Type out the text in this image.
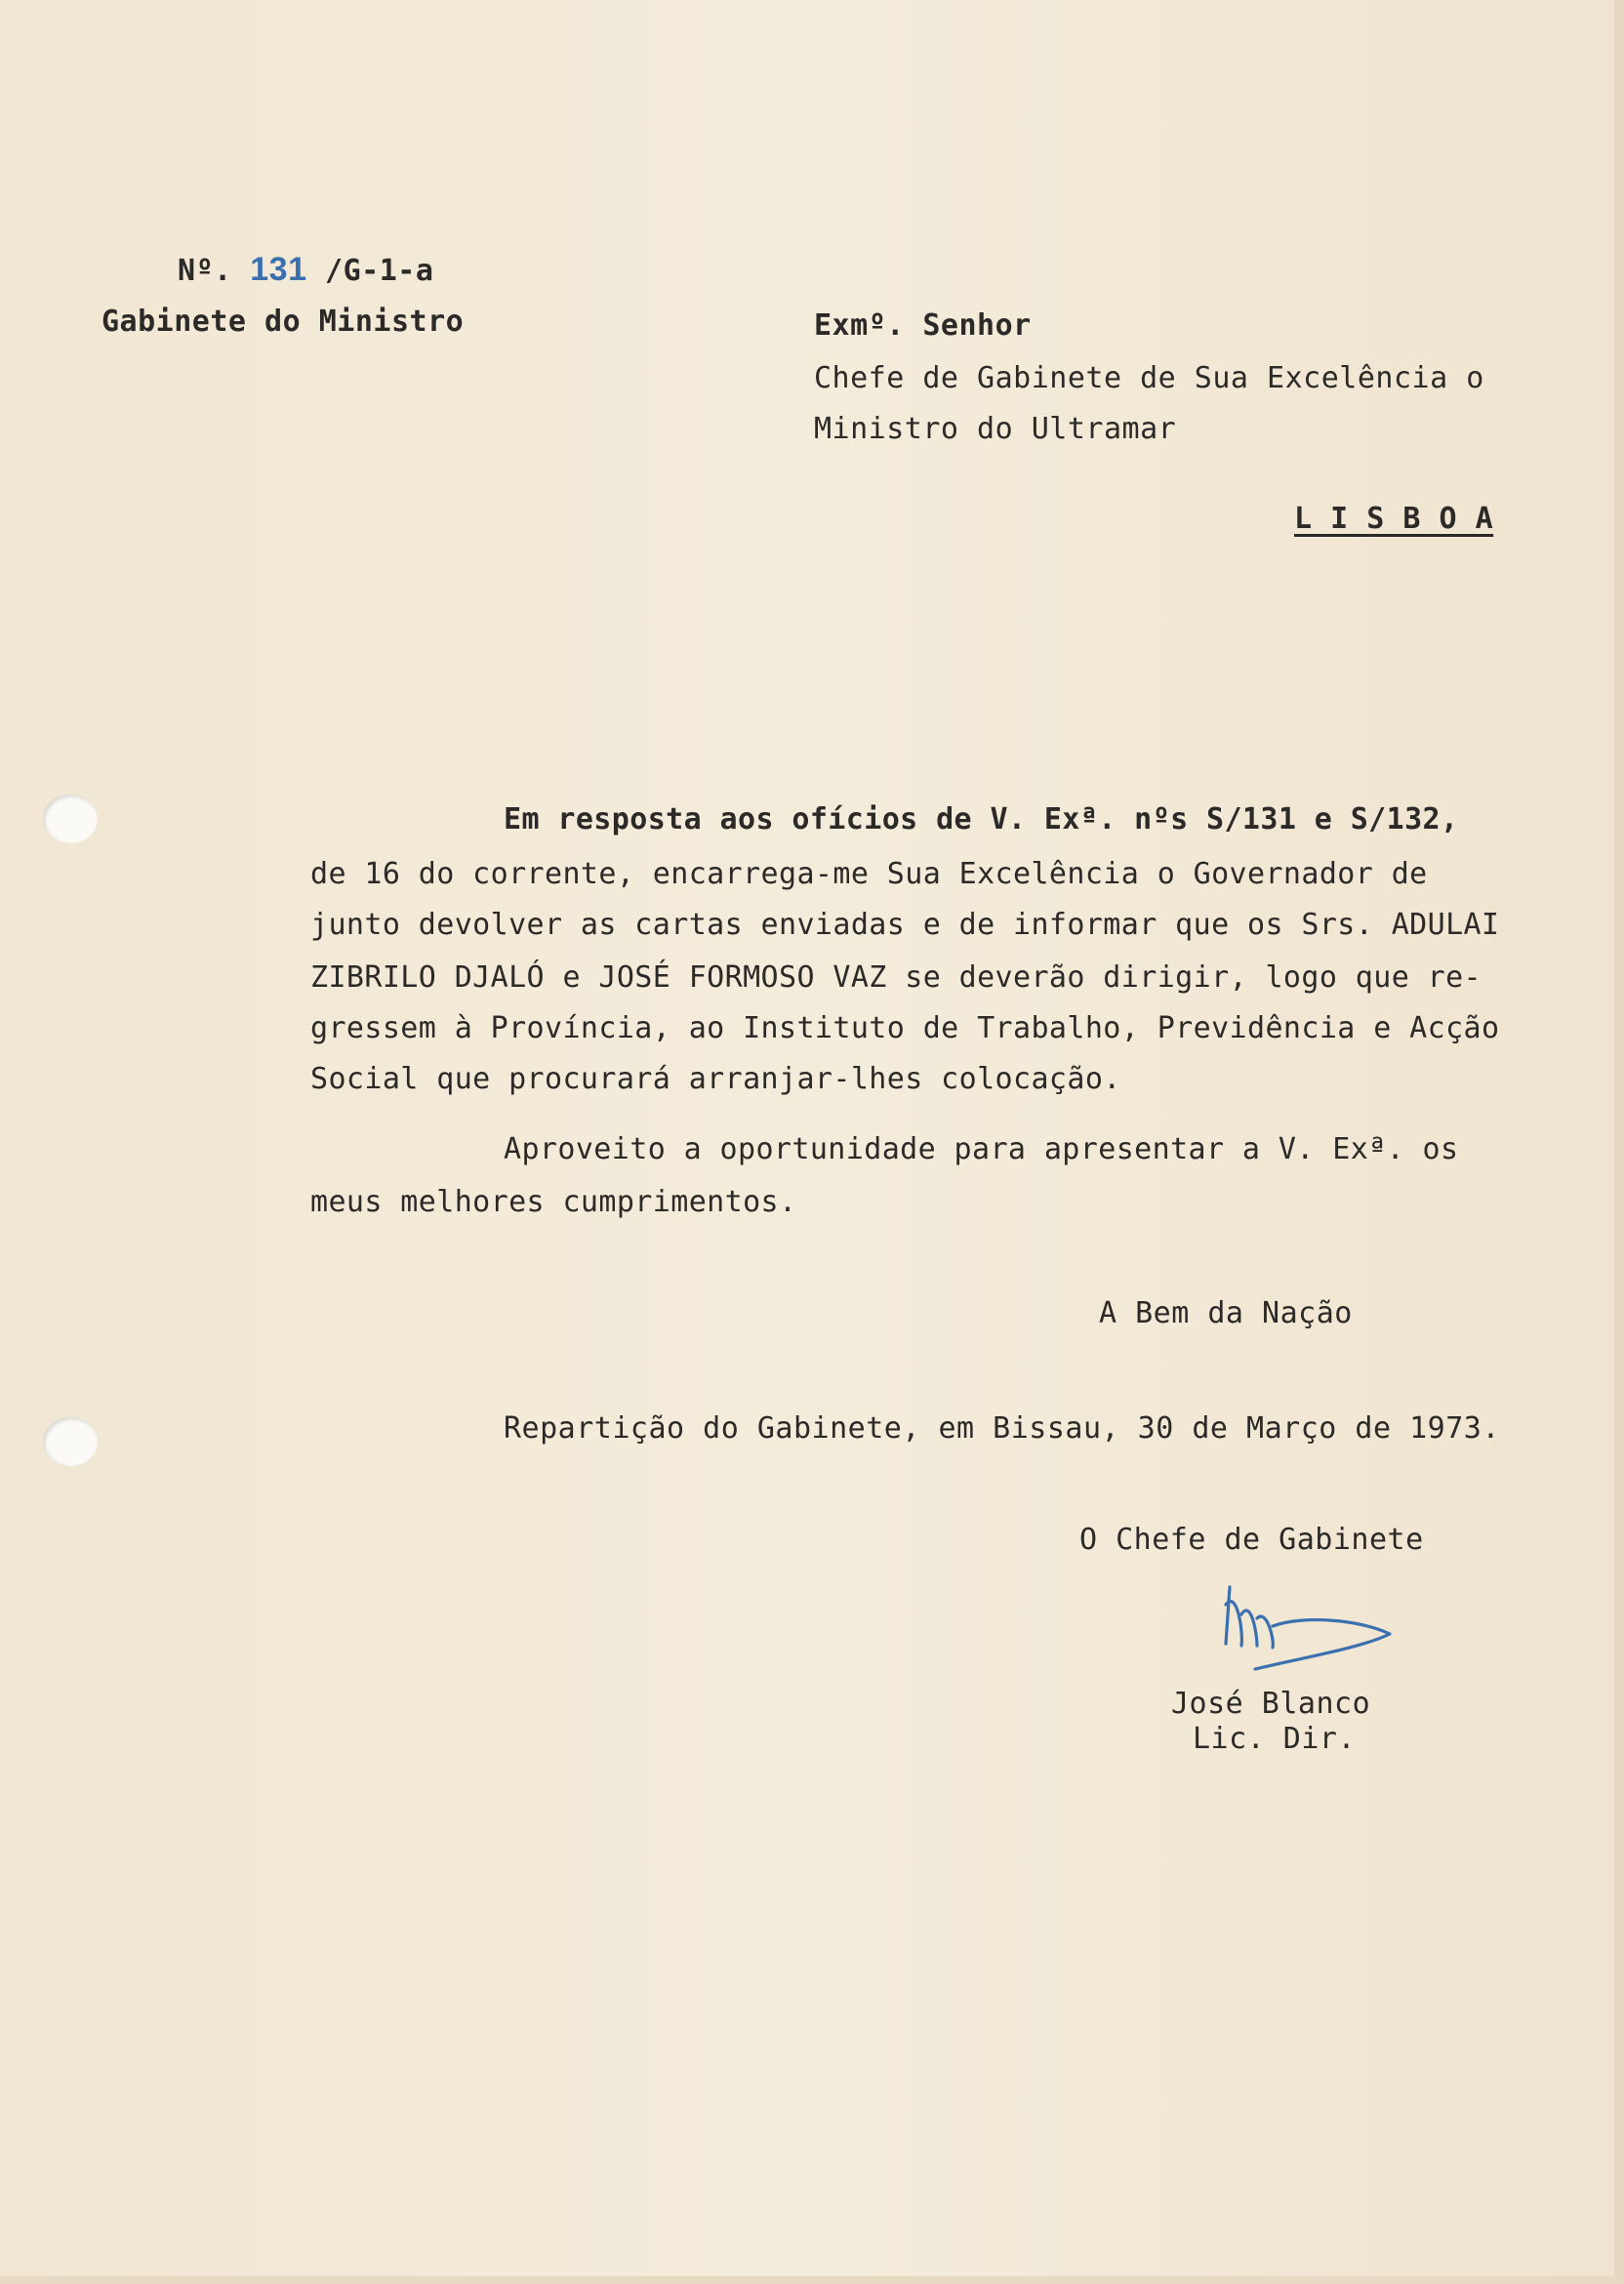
Nº. 131 /G-1-a
Gabinete do Ministro	Exmº. Senhor
Chefe de Gabinete de Sua Excelência o
Ministro do Ultramar
L I S B O A
Em resposta aos ofícios de V. Exª. nºs S/131 e S/132,
de 16 do corrente, encarrega-me Sua Excelência o Governador de
junto devolver as cartas enviadas e de informar que os Srs. ADULAI
ZIBRILO DJALÓ e JOSÉ FORMOSO VAZ se deverão dirigir, logo que re-
gressem à Província, ao Instituto de Trabalho, Previdência e Acção
Social que procurará arranjar-lhes colocação.
Aproveito a oportunidade para apresentar a V. Exª. os
meus melhores cumprimentos.
A Bem da Nação
Repartição do Gabinete, em Bissau, 30 de Março de 1973.
O Chefe de Gabinete
José Blanco
Lic. Dir.
